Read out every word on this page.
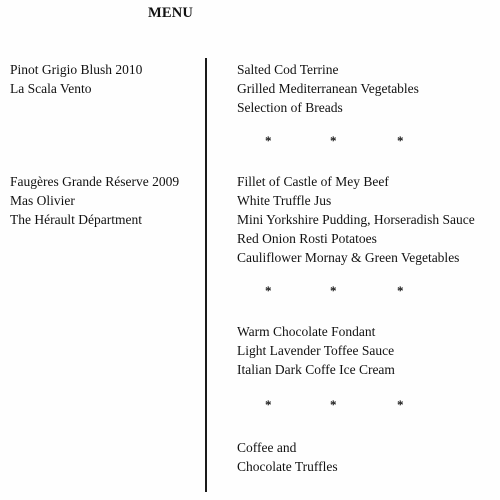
MENU
Pinot Grigio Blush 2010
La Scala Vento
Faugères Grande Réserve 2009
Mas Olivier
The Hérault Départment
Salted Cod Terrine
Grilled Mediterranean Vegetables
Selection of Breads
*	*	*
Fillet of Castle of Mey Beef
White Truffle Jus
Mini Yorkshire Pudding, Horseradish Sauce
Red Onion Rosti Potatoes
Cauliflower Mornay & Green Vegetables
*	*	*
Warm Chocolate Fondant
Light Lavender Toffee Sauce
Italian Dark Coffe Ice Cream
*	*	*
Coffee and
Chocolate Truffles
